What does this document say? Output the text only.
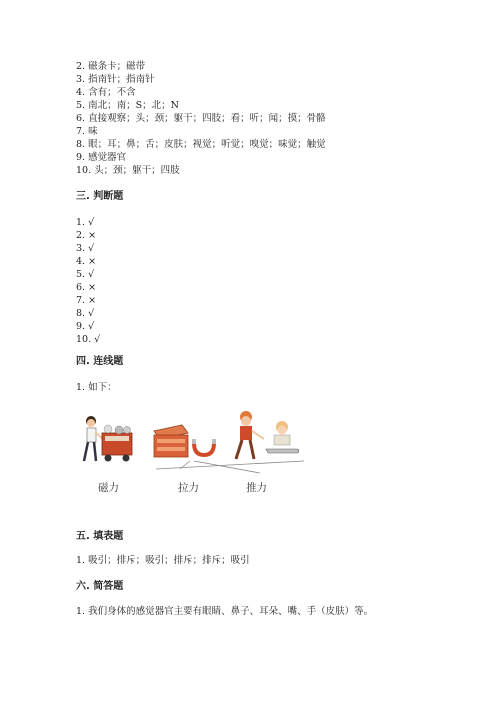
2. 磁条卡；磁带
3. 指南针；指南针
4. 含有；不含
5. 南北；南；S；北；N
6. 直接观察；头；颈；躯干；四肢；看；听；闻；摸；骨骼
7. 味
8. 眼；耳；鼻；舌；皮肤；视觉；听觉；嗅觉；味觉；触觉
9. 感觉器官
10. 头；颈；躯干；四肢
三. 判断题
1. √
2. ×
3. √
4. ×
5. √
6. ×
7. ×
8. √
9. √
10. √
四. 连线题
1. 如下：
磁力	拉力	推力
五. 填表题
1. 吸引；排斥；吸引；排斥；排斥；吸引
六. 简答题
1. 我们身体的感觉器官主要有眼睛、鼻子、耳朵、嘴、手（皮肤）等。
